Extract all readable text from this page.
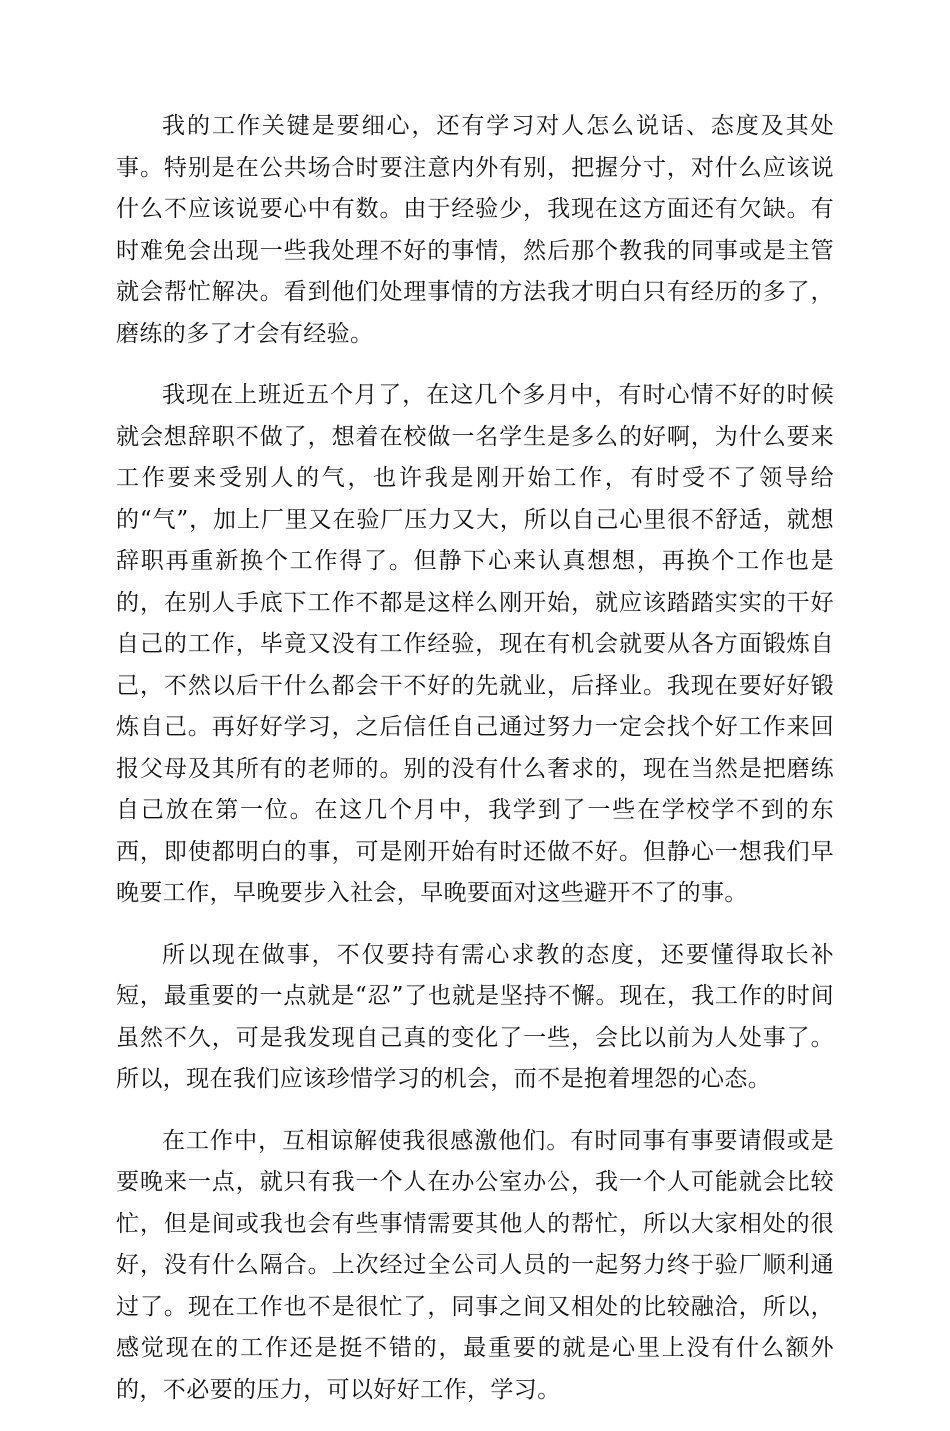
我的工作关键是要细心，还有学习对人怎么说话、态度及其处事。特别是在公共场合时要注意内外有别，把握分寸，对什么应该说什么不应该说要心中有数。由于经验少，我现在这方面还有欠缺。有时难免会出现一些我处理不好的事情，然后那个教我的同事或是主管就会帮忙解决。看到他们处理事情的方法我才明白只有经历的多了，磨练的多了才会有经验。

我现在上班近五个月了，在这几个多月中，有时心情不好的时候就会想辞职不做了，想着在校做一名学生是多么的好啊，为什么要来工作要来受别人的气，也许我是刚开始工作，有时受不了领导给的“气”，加上厂里又在验厂压力又大，所以自己心里很不舒适，就想辞职再重新换个工作得了。但静下心来认真想想，再换个工作也是的，在别人手底下工作不都是这样么刚开始，就应该踏踏实实的干好自己的工作，毕竟又没有工作经验，现在有机会就要从各方面锻炼自己，不然以后干什么都会干不好的先就业，后择业。我现在要好好锻炼自己。再好好学习，之后信任自己通过努力一定会找个好工作来回报父母及其所有的老师的。别的没有什么奢求的，现在当然是把磨练自己放在第一位。在这几个月中，我学到了一些在学校学不到的东西，即使都明白的事，可是刚开始有时还做不好。但静心一想我们早晚要工作，早晚要步入社会，早晚要面对这些避开不了的事。

所以现在做事，不仅要持有需心求教的态度，还要懂得取长补短，最重要的一点就是“忍”了也就是坚持不懈。现在，我工作的时间虽然不久，可是我发现自己真的变化了一些，会比以前为人处事了。所以，现在我们应该珍惜学习的机会，而不是抱着埋怨的心态。

在工作中，互相谅解使我很感激他们。有时同事有事要请假或是要晚来一点，就只有我一个人在办公室办公，我一个人可能就会比较忙，但是间或我也会有些事情需要其他人的帮忙，所以大家相处的很好，没有什么隔合。上次经过全公司人员的一起努力终于验厂顺利通过了。现在工作也不是很忙了，同事之间又相处的比较融洽，所以，感觉现在的工作还是挺不错的，最重要的就是心里上没有什么额外的，不必要的压力，可以好好工作，学习。
